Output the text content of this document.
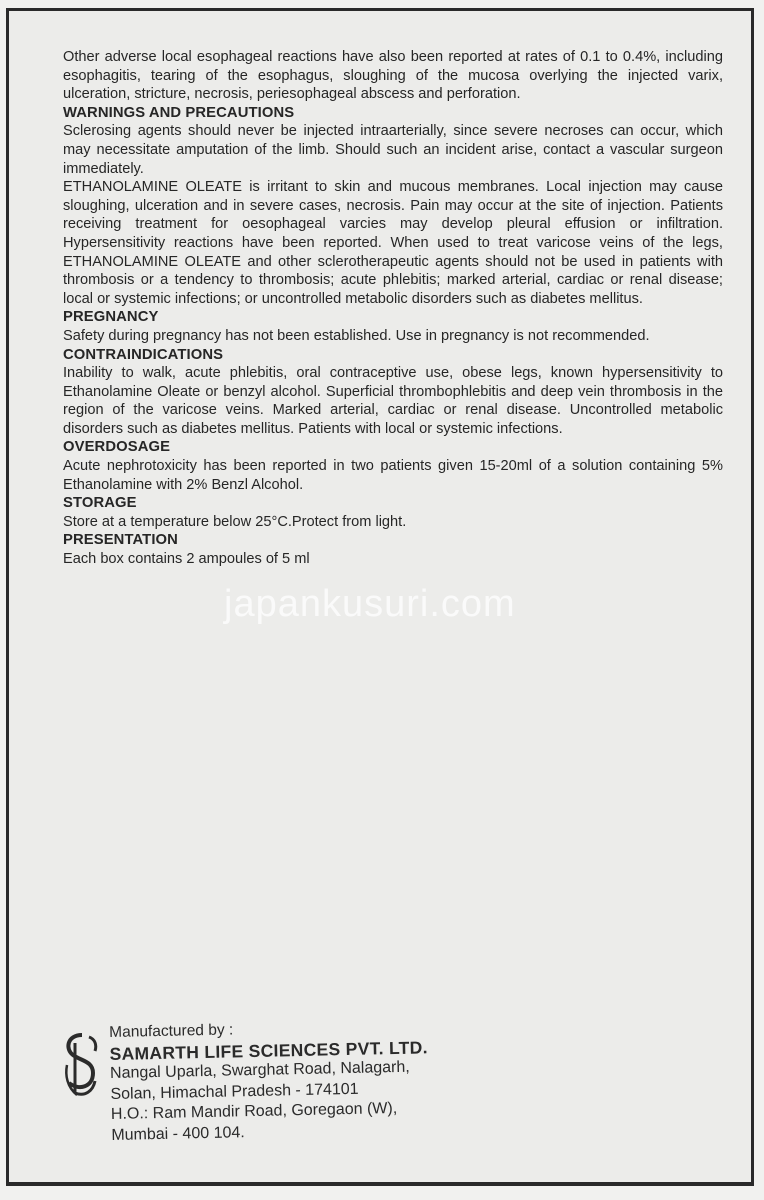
Other adverse local esophageal reactions have also been reported at rates of 0.1 to 0.4%, including esophagitis, tearing of the esophagus, sloughing of the mucosa overlying the injected varix, ulceration, stricture, necrosis, periesophageal abscess and perforation.

WARNINGS AND PRECAUTIONS

Sclerosing agents should never be injected intraarterially, since severe necroses can occur, which may necessitate amputation of the limb. Should such an incident arise, contact a vascular surgeon immediately.

ETHANOLAMINE OLEATE is irritant to skin and mucous membranes. Local injection may cause sloughing, ulceration and in severe cases, necrosis. Pain may occur at the site of injection. Patients receiving treatment for oesophageal varcies may develop pleural effusion or infiltration. Hypersensitivity reactions have been reported. When used to treat varicose veins of the legs, ETHANOLAMINE OLEATE and other sclerotherapeutic agents should not be used in patients with thrombosis or a tendency to thrombosis; acute phlebitis; marked arterial, cardiac or renal disease; local or systemic infections; or uncontrolled metabolic disorders such as diabetes mellitus.

PREGNANCY

Safety during pregnancy has not been established. Use in pregnancy is not recommended.

CONTRAINDICATIONS

Inability to walk, acute phlebitis, oral contraceptive use, obese legs, known hypersensitivity to Ethanolamine Oleate or benzyl alcohol. Superficial thrombophlebitis and deep vein thrombosis in the region of the varicose veins. Marked arterial, cardiac or renal disease. Uncontrolled metabolic disorders such as diabetes mellitus. Patients with local or systemic infections.

OVERDOSAGE

Acute nephrotoxicity has been reported in two patients given 15-20ml of a solution containing 5% Ethanolamine with 2% Benzl Alcohol.

STORAGE

Store at a temperature below 25°C.Protect from light.

PRESENTATION

Each box contains 2 ampoules of 5 ml

japankusuri.com
Manufactured by :
SAMARTH LIFE SCIENCES PVT. LTD.
Nangal Uparla, Swarghat Road, Nalagarh,
Solan, Himachal Pradesh - 174101
H.O.: Ram Mandir Road, Goregaon (W),
Mumbai - 400 104.
